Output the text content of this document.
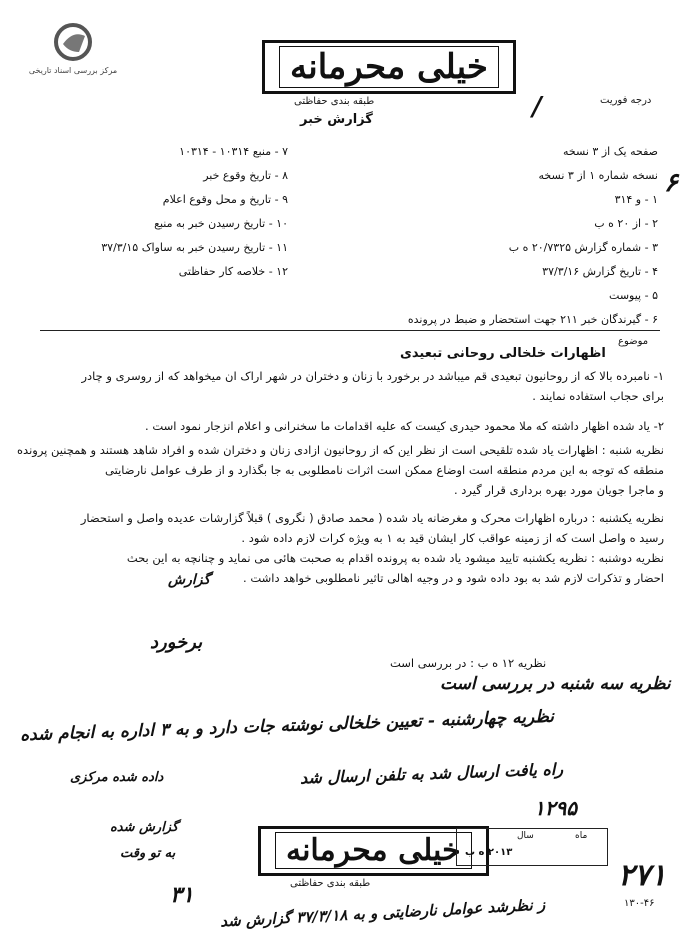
مرکز بررسی اسناد تاریخی	خیلی محرمانه
طبقه بندی حفاظتی
گزارش خبر
درجه فوریت
/
صفحه یک از ۳ نسخه
نسخه شماره ۱ از ۳ نسخه
۱ - و ۳۱۴
۲ - از ۲۰ ه ب
۳ - شماره گزارش ۲۰/۷۳۲۵ ه ب
۴ - تاریخ گزارش ۳۷/۳/۱۶
۵ - پیوست
۶ - گیرندگان خبر ۲۱۱ جهت استحضار و ضبط در پرونده
۶
۷ - منبع ۱۰۳۱۴ - ۱۰۳۱۴
۸ - تاریخ وقوع خبر
۹ - تاریخ و محل وقوع اعلام
۱۰ - تاریخ رسیدن خبر به منبع
۱۱ - تاریخ رسیدن خبر به ساواک ۳۷/۳/۱۵
۱۲ - خلاصه کار حفاظتی
موضوع
اظهارات خلخالی روحانی تبعیدی
۱- نامبرده بالا که از روحانیون تبعیدی قم میباشد در برخورد با زنان و دختران در شهر اراک ان میخواهد که از روسری و چادر
برای حجاب استفاده نمایند .
۲- یاد شده اظهار داشته که ملا محمود حیدری کیست که علیه اقدامات ما سخنرانی و اعلام انزجار نمود است .
نظریه شنبه : اظهارات یاد شده تلقیحی است از نظر این که از روحانیون ازادی زنان و دختران شده و افراد شاهد هستند و همچنین پرونده
منطقه که توجه به این مردم منطقه است اوضاع ممکن است اثرات نامطلوبی به جا بگذارد و از طرف عوامل نارضایتی
و ماجرا جویان مورد بهره برداری قرار گیرد .
نظریه یکشنبه : درباره اظهارات محرک و مغرضانه یاد شده ( محمد صادق ( نگروی ) قبلاً گزارشات عدیده واصل و استحضار
رسید ه واصل است که از زمینه عواقب کار ایشان قید به ۱ به ویژه کرات لازم داده شود .
نظریه دوشنبه : نظریه یکشنبه تایید میشود یاد شده به پرونده اقدام به صحبت هائی می نماید و چنانچه به این بحث
احضار و تذکرات لازم شد به بود داده شود و در وجیه اهالی تاثیر نامطلوبی خواهد داشت .
برخورد
گزارش
نظریه ۱۲ ه ب : در بررسی است
نظریه سه شنبه در بررسی است
نظریه چهارشنبه - تعیین خلخالی نوشته جات دارد و به ۳ اداره به انجام شده
راه یافت ارسال شد به تلفن ارسال شد
داده شده مرکزی
گزارش شده
به تو وقت
۳۱
ز نظرشد عوامل نارضایتی و به ۳۷/۳/۱۸ گزارش شد
۱۲۹۵
خیلی محرمانه
طبقه بندی حفاظتی
سال	ماه
۲۰۱۳ ه ب
۲۷۱
۱۳۰-۴۶
